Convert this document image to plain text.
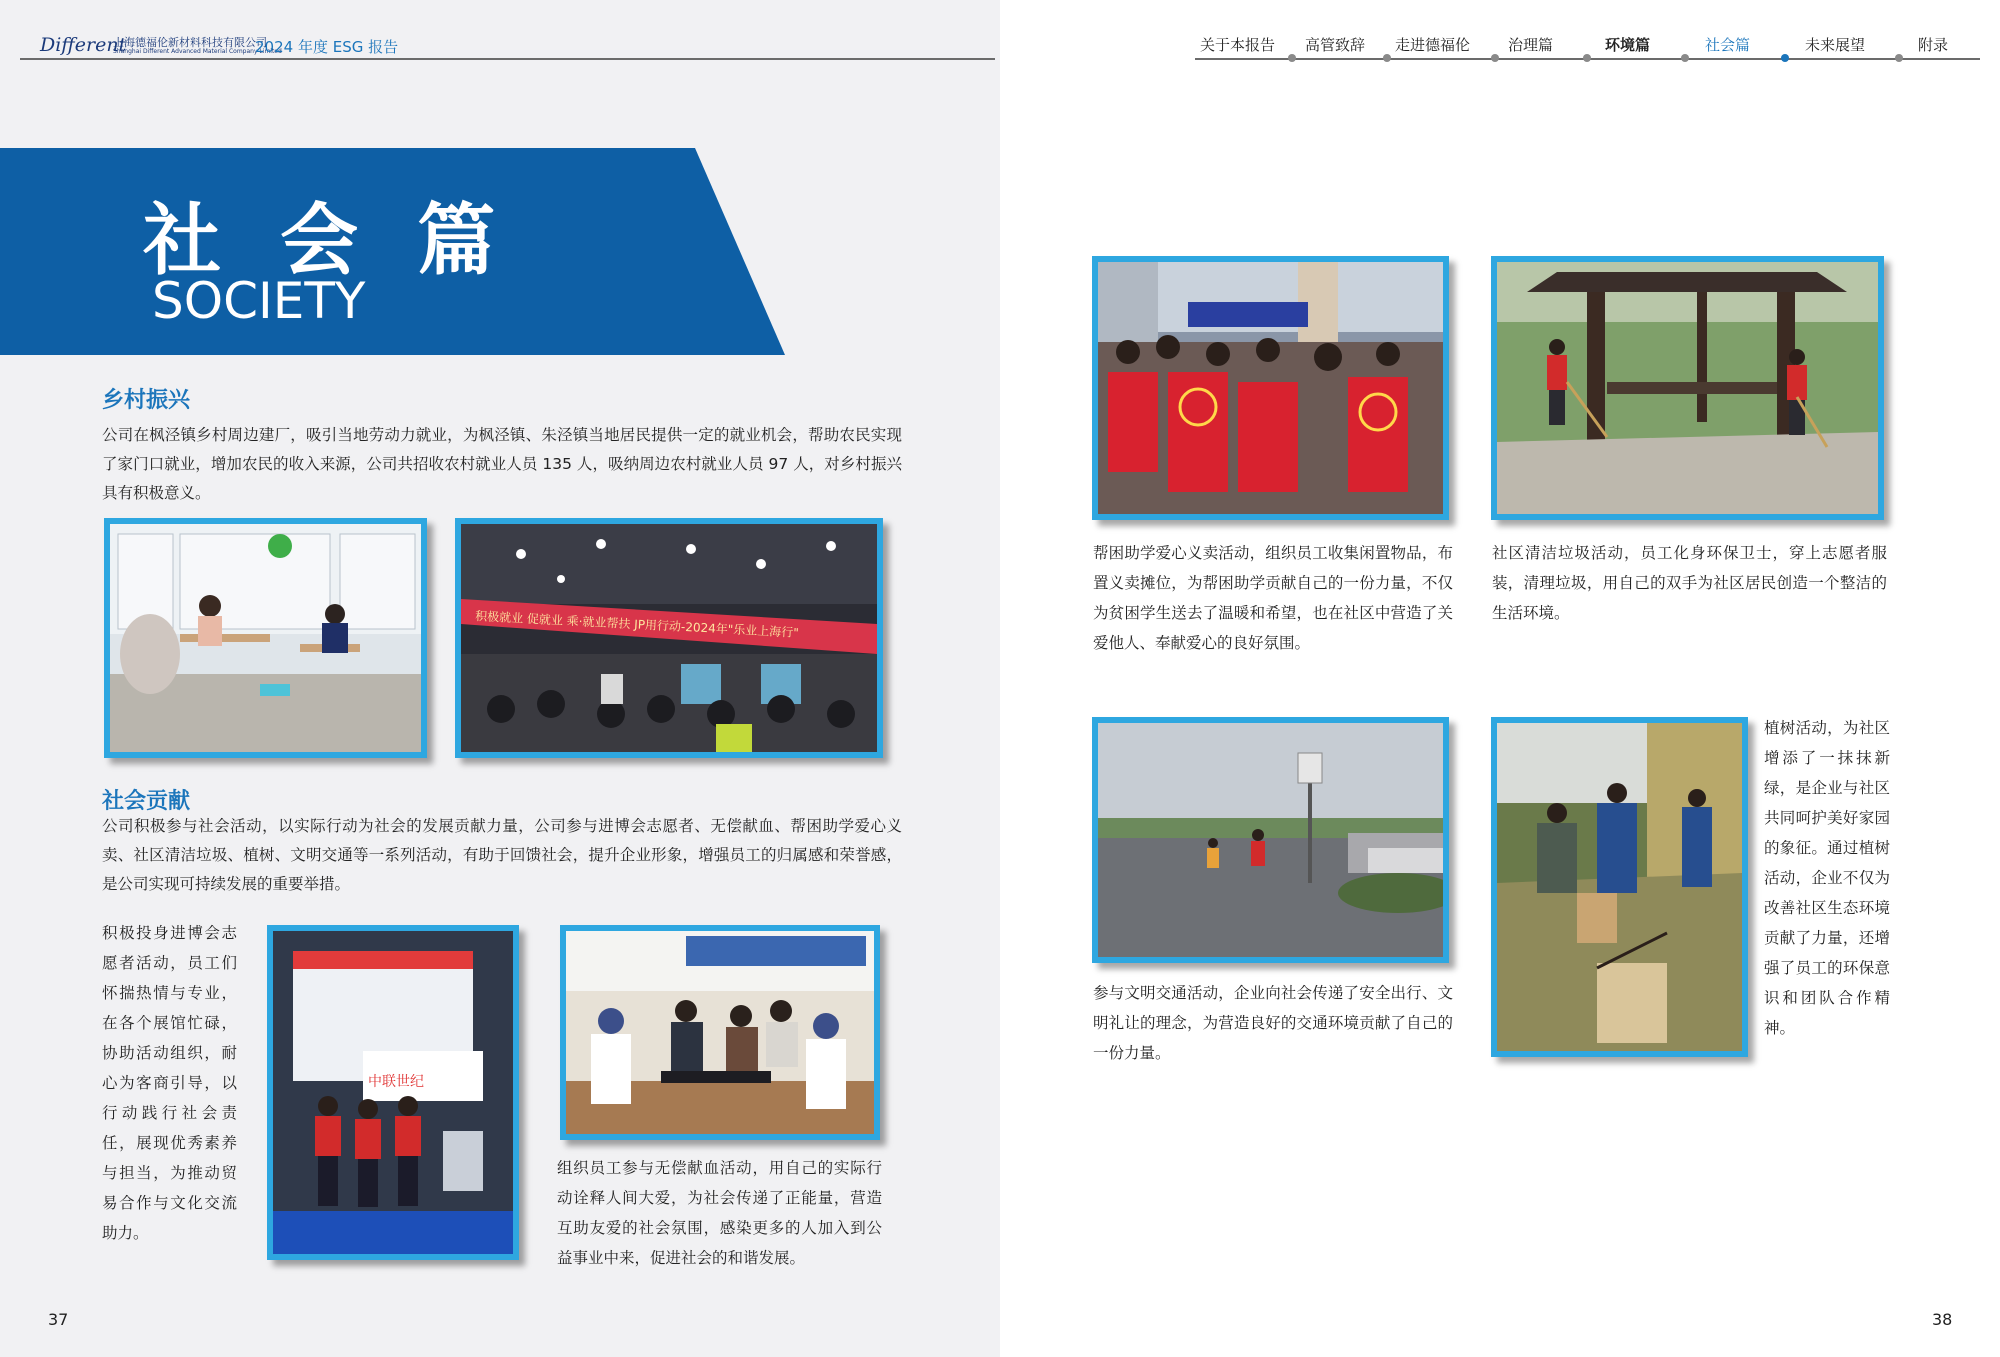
Different
上海德福伦新材料科技有限公司
Shanghai Different Advanced Material Company Limited
2024 年度 ESG 报告	关于本报告 高管致辞 走进德福伦	治理篇	环境篇	社会篇	未来展望	附录
社 会 篇
SOCIETY
乡村振兴

公司在枫泾镇乡村周边建厂，吸引当地劳动力就业，为枫泾镇、朱泾镇当地居民提供一定的就业机会，帮助农民实现了家门口就业，增加农民的收入来源，公司共招收农村就业人员 135 人，吸纳周边农村就业人员 97 人，对乡村振兴具有积极意义。

积极就业 促就业 乘·就业帮扶 JP用行动-2024年"乐业上海行"
社会贡献

公司积极参与社会活动，以实际行动为社会的发展贡献力量，公司参与进博会志愿者、无偿献血、帮困助学爱心义卖、社区清洁垃圾、植树、文明交通等一系列活动，有助于回馈社会，提升企业形象，增强员工的归属感和荣誉感，是公司实现可持续发展的重要举措。

积极投身进博会志愿者活动，员工们怀揣热情与专业，在各个展馆忙碌，协助活动组织，耐心为客商引导，以行动践行社会责任，展现优秀素养与担当，为推动贸易合作与文化交流助力。

中联世纪

组织员工参与无偿献血活动，用自己的实际行动诠释人间大爱，为社会传递了正能量，营造互助友爱的社会氛围，感染更多的人加入到公益事业中来，促进社会的和谐发展。

帮困助学爱心义卖活动，组织员工收集闲置物品，布置义卖摊位，为帮困助学贡献自己的一份力量，不仅为贫困学生送去了温暖和希望，也在社区中营造了关爱他人、奉献爱心的良好氛围。

社区清洁垃圾活动，员工化身环保卫士，穿上志愿者服装，清理垃圾，用自己的双手为社区居民创造一个整洁的生活环境。

参与文明交通活动，企业向社会传递了安全出行、文明礼让的理念，为营造良好的交通环境贡献了自己的一份力量。

植树活动，为社区增添了一抹抹新绿，是企业与社区共同呵护美好家园的象征。通过植树活动，企业不仅为改善社区生态环境贡献了力量，还增强了员工的环保意识和团队合作精神。

37	38
